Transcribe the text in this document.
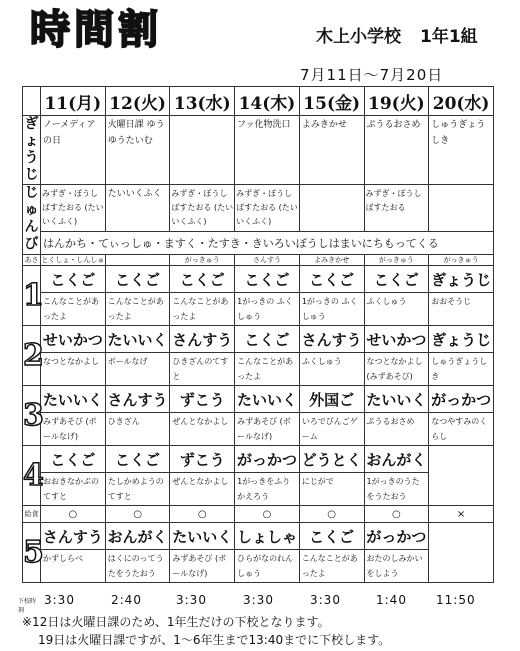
時間割	木上小学校 1年1組
7月11日〜7月20日
	11(月)	12(火)	13(水)	14(木)	15(金)	19(火)	20(水)

ぎ
ょ
う
じ	ノーメディアの日	火曜日課 ゆうゆうたいむ		フッ化物洗口	よみきかせ	ぷうるおさめ	しゅうぎょうしき

じ
ゅ
ん
び	みずぎ・ぼうしばすたおる (たいいくふく)	たいいくふく	みずぎ・ぼうしばすたおる (たいいくふく)	みずぎ・ぼうしばすたおる (たいいくふく)		みずぎ・ぼうしばすたおる	
	はんかち・てぃっしゅ・ますく・たすき・きいろいぼうしはまいにちもってくる						
あさ	とくしょ・しんしゅ		がっきゅう	さんすう	よみきかせ	がっきゅう	がっきゅう
1	こくご	こくご	こくご	こくご	こくご	こくご	ぎょうじ
	こんなことがあったよ	こんなことがあったよ	こんなことがあったよ	1がっきの ふくしゅう	1がっきの ふくしゅう	ふくしゅう	おおそうじ
2	せいかつ	たいいく	さんすう	こくご	さんすう	せいかつ	ぎょうじ
	なつとなかよし	ボールなげ	ひきざんのてすと	こんなことがあったよ	ふくしゅう	なつとなかよし (みずあそび)	しゅうぎょうしき
3	たいいく	さんすう	ずこう	たいいく	外国ご	たいいく	がっかつ
	みずあそび (ボールなげ)	ひきざん	ぜんとなかよし	みずあそび (ボールなげ)	いろでびんごゲーム	ぷうるおさめ	なつやすみのくらし
4	こくご	こくご	ずこう	がっかつ	どうとく	おんがく	
	おおきなかぶのてすと	たしかめようのてすと	ぜんとなかよし	1がっきをふりかえろう	にじがで	1がっきのうたをうたおう	
給食	○	○	○	○	○	○	×
5	さんすう	おんがく	たいいく	しょしゃ	こくご	がっかつ	
	かずしらべ	はくにのってうたをうたおう	みずあそび (ボールなげ)	ひらがなのれんしゅう	こんなことがあったよ	おたのしみかいをしよう	
下校時刻
3:30	2:40	3:30	3:30	3:30	1:40 11:50
※12日は火曜日課のため、1年生だけの下校となります。
19日は火曜日課ですが、1〜6年生まで13:40までに下校します。
